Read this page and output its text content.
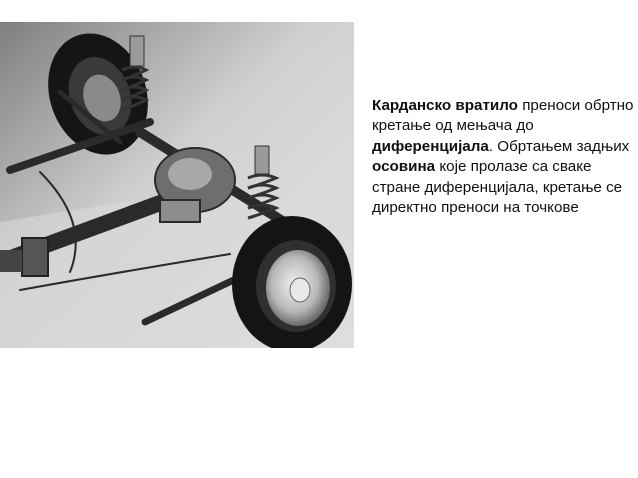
Карданско вратило преноси обртно кретање од мењача до диференцијала. Обртањем задњих осовина које пролазе са сваке стране диференцијала, кретање се директно преноси на точкове
